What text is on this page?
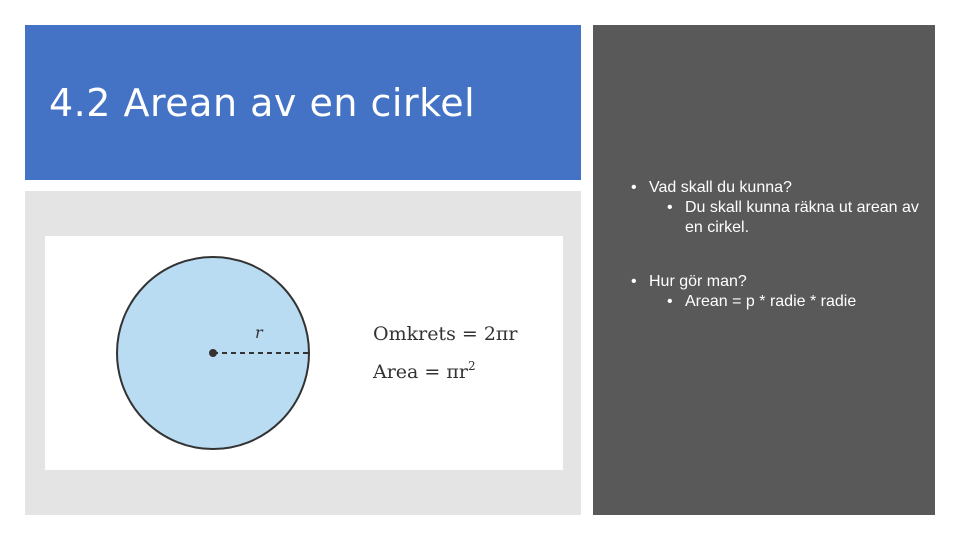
4.2 Arean av en cirkel
r	Omkrets = 2πr
Area = $\pi r^2$
• Vad skall du kunna?
• Du skall kunna räkna ut arean av en cirkel.
• Hur gör man?
• Arean = p * radie * radie
